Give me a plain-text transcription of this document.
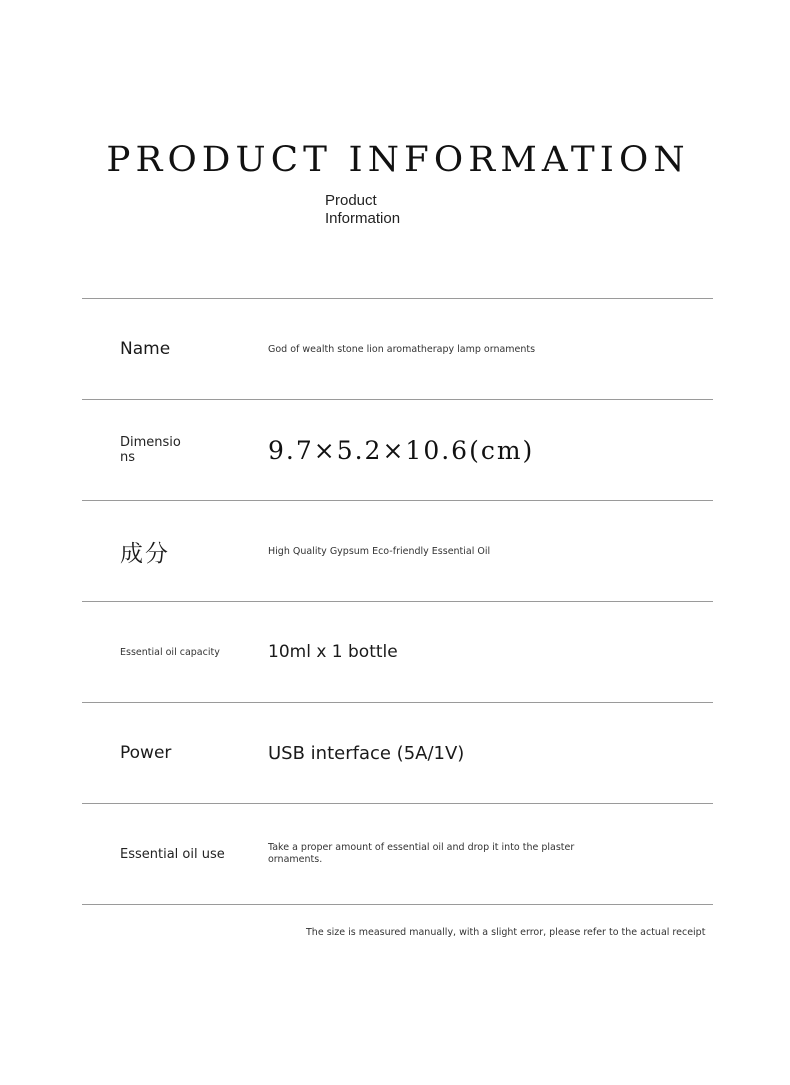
PRODUCT INFORMATION
Product
Information
Name	God of wealth stone lion aromatherapy lamp ornaments
Dimensions	9.7×5.2×10.6(cm)
成分	High Quality Gypsum Eco-friendly Essential Oil
Essential oil capacity	10ml x 1 bottle
Power	USB interface (5A/1V)
Essential oil use	Take a proper amount of essential oil and drop it into the plaster ornaments.
The size is measured manually, with a slight error, please refer to the actual receipt
